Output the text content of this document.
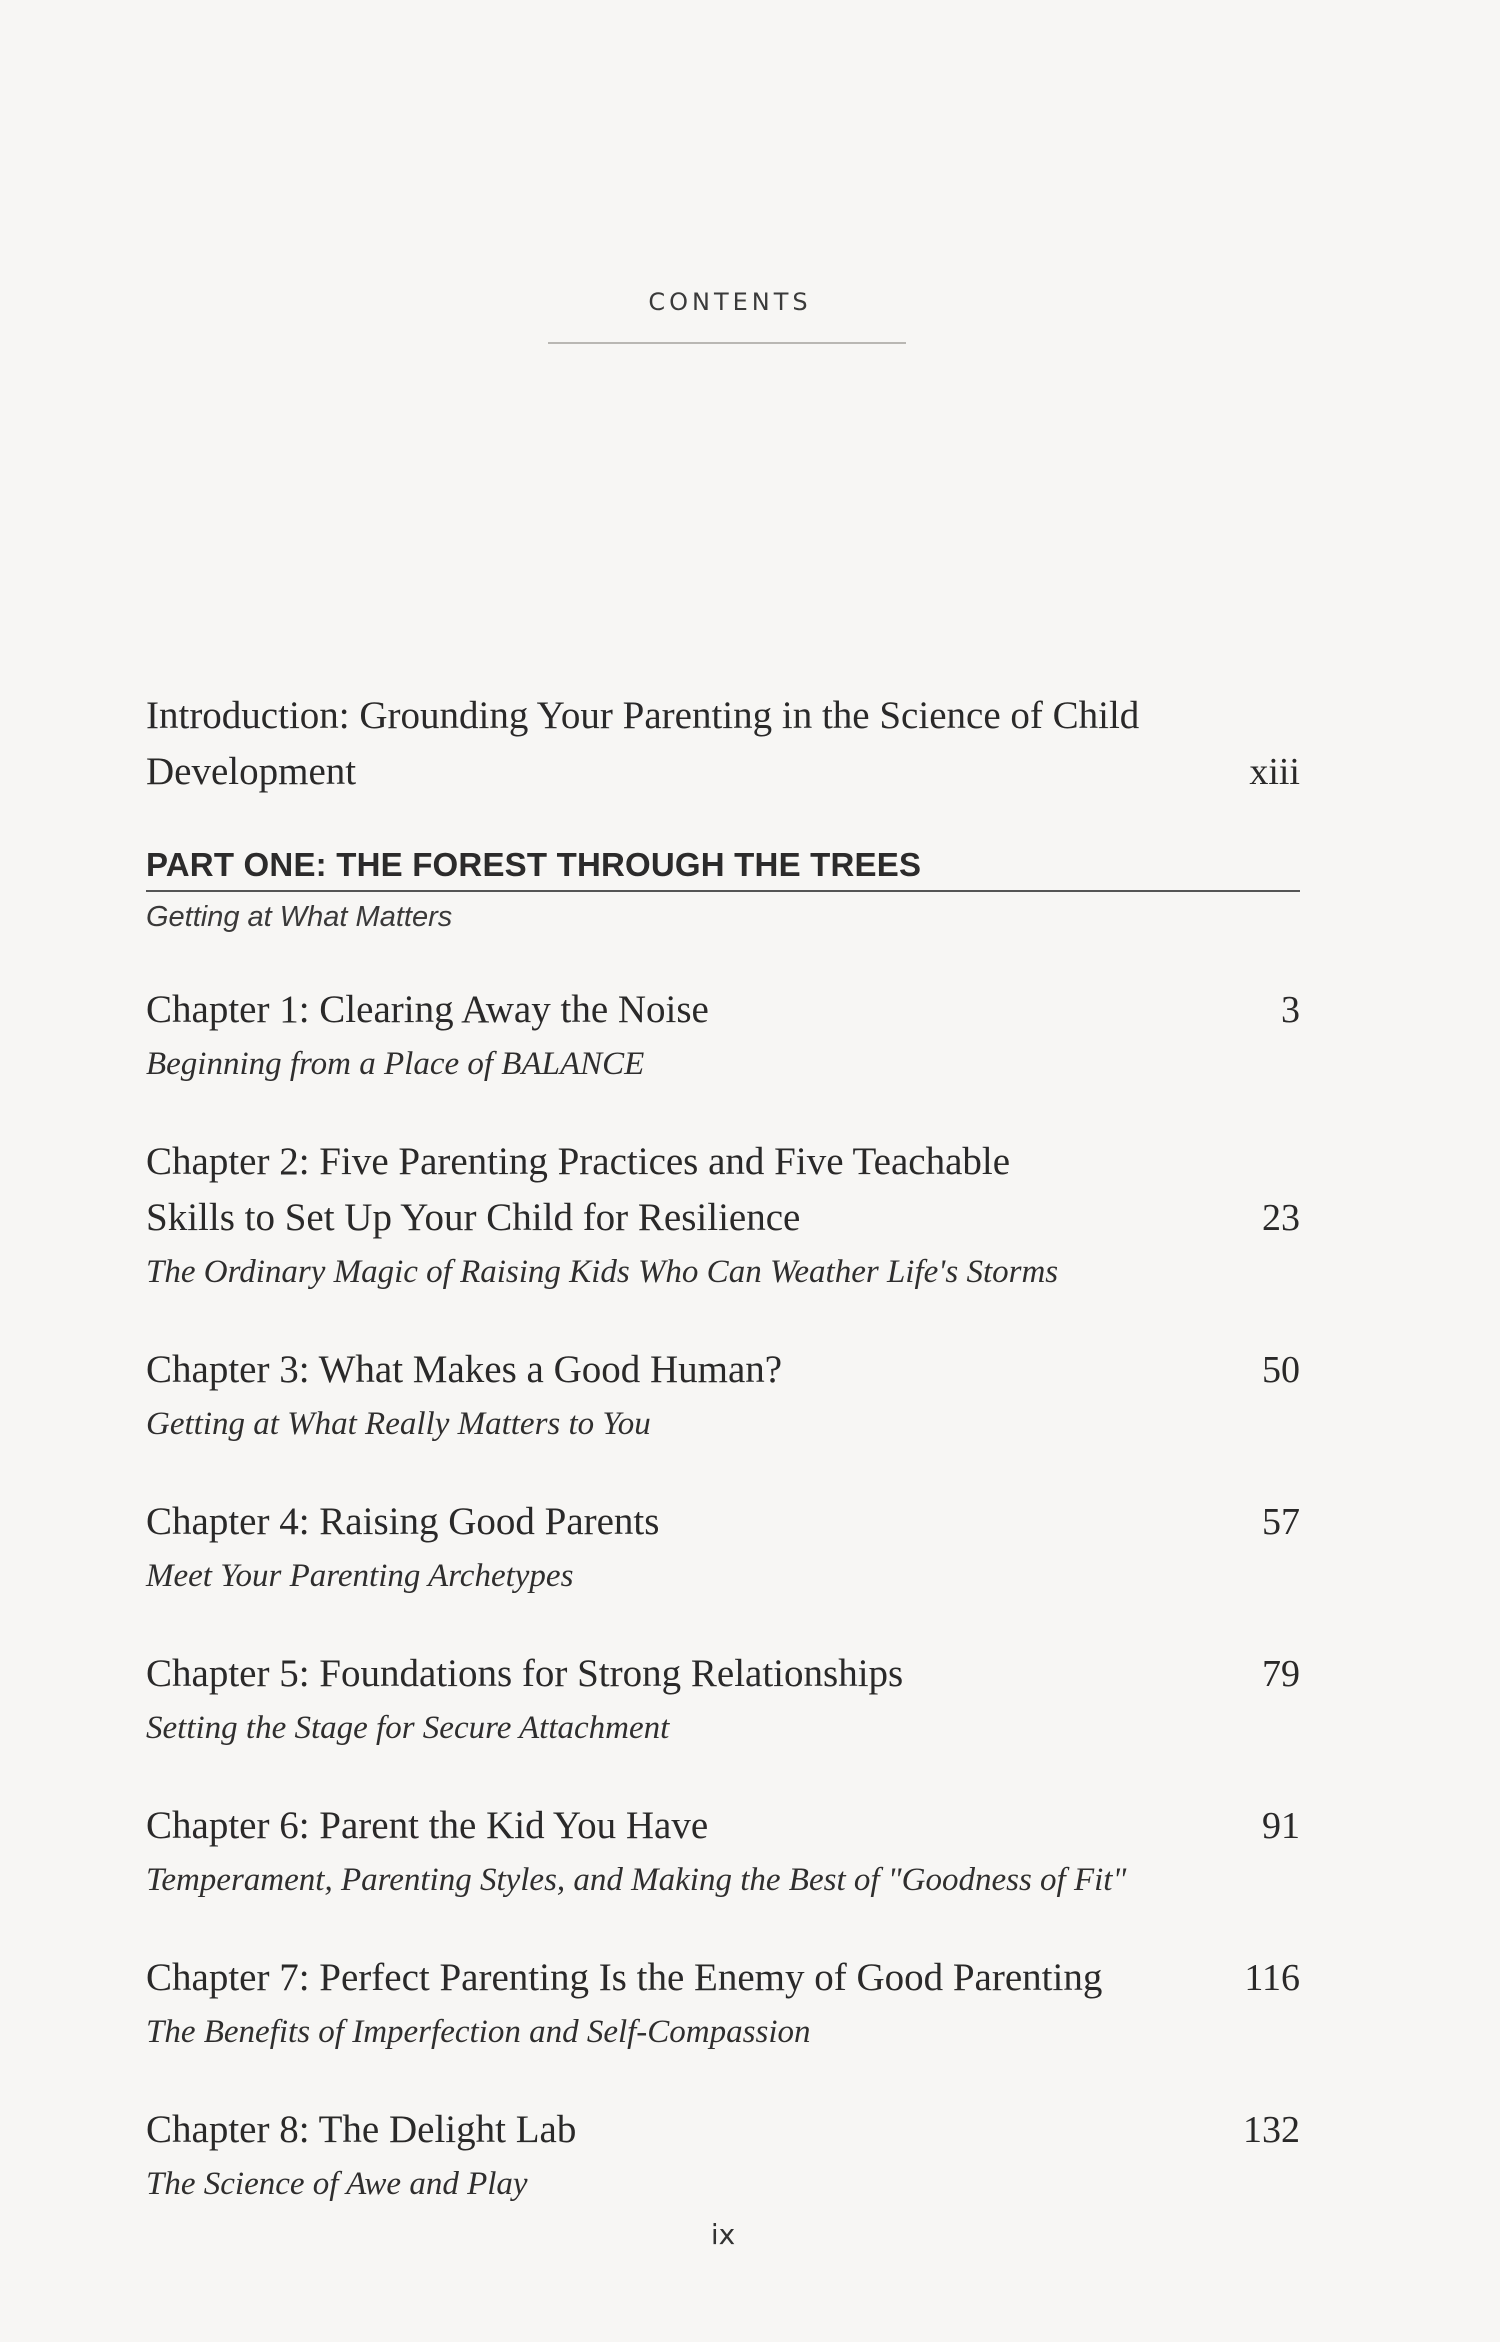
CONTENTS
Introduction: Grounding Your Parenting in the Science of Child Development	xiii
PART ONE: THE FOREST THROUGH THE TREES
Getting at What Matters
Chapter 1: Clearing Away the Noise	3
Beginning from a Place of BALANCE
Chapter 2: Five Parenting Practices and Five Teachable Skills to Set Up Your Child for Resilience	23
The Ordinary Magic of Raising Kids Who Can Weather Life's Storms
Chapter 3: What Makes a Good Human?	50
Getting at What Really Matters to You
Chapter 4: Raising Good Parents	57
Meet Your Parenting Archetypes
Chapter 5: Foundations for Strong Relationships	79
Setting the Stage for Secure Attachment
Chapter 6: Parent the Kid You Have	91
Temperament, Parenting Styles, and Making the Best of "Goodness of Fit"
Chapter 7: Perfect Parenting Is the Enemy of Good Parenting	116
The Benefits of Imperfection and Self-Compassion
Chapter 8: The Delight Lab	132
The Science of Awe and Play
ix
